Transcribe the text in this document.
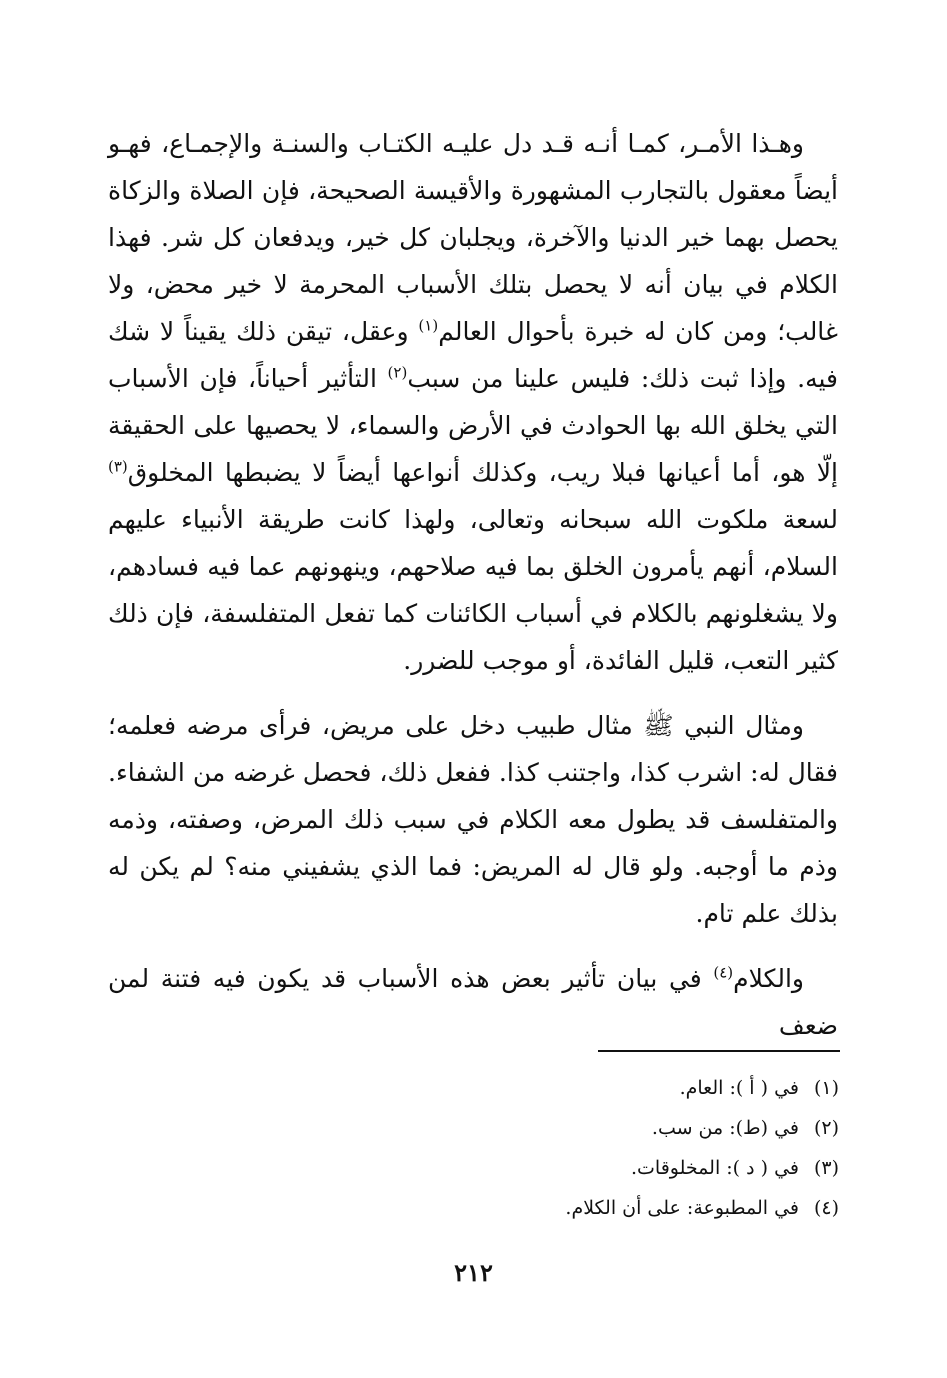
وهـذا الأمـر، كمـا أنـه قـد دل عليـه الكتـاب والسنـة والإجمـاع، فهـو أيضاً معقول بالتجارب المشهورة والأقيسة الصحيحة، فإن الصلاة والزكاة يحصل بهما خير الدنيا والآخرة، ويجلبان كل خير، ويدفعان كل شر. فهذا الكلام في بيان أنه لا يحصل بتلك الأسباب المحرمة لا خير محض، ولا غالب؛ ومن كان له خبرة بأحوال العالم$^{(١)}$ وعقل، تيقن ذلك يقيناً لا شك فيه. وإذا ثبت ذلك: فليس علينا من سبب$^{(٢)}$ التأثير أحياناً، فإن الأسباب التي يخلق الله بها الحوادث في الأرض والسماء، لا يحصيها على الحقيقة إلّا هو، أما أعيانها فبلا ريب، وكذلك أنواعها أيضاً لا يضبطها المخلوق$^{(٣)}$ لسعة ملكوت الله سبحانه وتعالى، ولهذا كانت طريقة الأنبياء عليهم السلام، أنهم يأمرون الخلق بما فيه صلاحهم، وينهونهم عما فيه فسادهم، ولا يشغلونهم بالكلام في أسباب الكائنات كما تفعل المتفلسفة، فإن ذلك كثير التعب، قليل الفائدة، أو موجب للضرر.

ومثال النبي ﷺ مثال طبيب دخل على مريض، فرأى مرضه فعلمه؛ فقال له: اشرب كذا، واجتنب كذا. ففعل ذلك، فحصل غرضه من الشفاء. والمتفلسف قد يطول معه الكلام في سبب ذلك المرض، وصفته، وذمه وذم ما أوجبه. ولو قال له المريض: فما الذي يشفيني منه؟ لم يكن له بذلك علم تام.

والكلام$^{(٤)}$ في بيان تأثير بعض هذه الأسباب قد يكون فيه فتنة لمن ضعف

(١)في ( أ ): العام.
(٢)في (ط): من سب.
(٣)في ( د ): المخلوقات.
(٤)في المطبوعة: على أن الكلام.
٢١٢
